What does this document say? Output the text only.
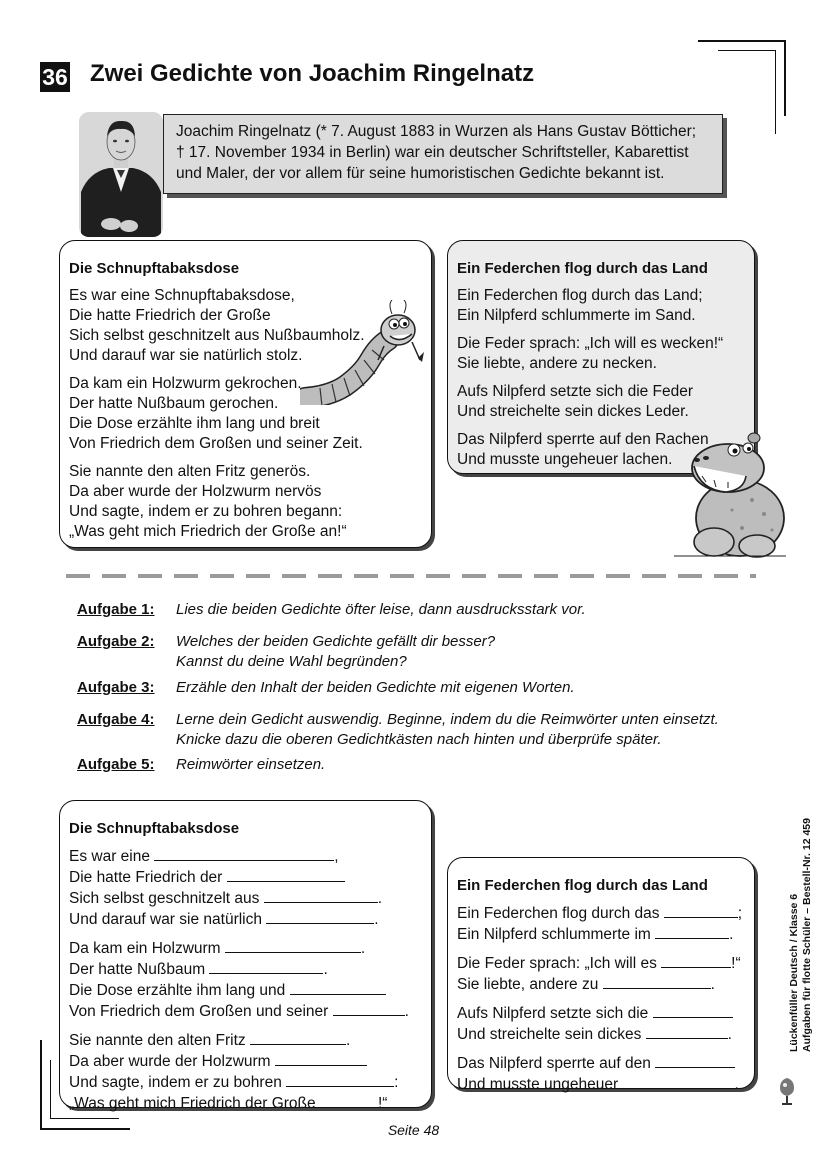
36 Zwei Gedichte von Joachim Ringelnatz
Joachim Ringelnatz (* 7. August 1883 in Wurzen als Hans Gustav Bötticher;
† 17. November 1934 in Berlin) war ein deutscher Schriftsteller, Kabarettist
und Maler, der vor allem für seine humoristischen Gedichte bekannt ist.
Die Schnupftabaksdose
Es war eine Schnupftabaksdose,
Die hatte Friedrich der Große
Sich selbst geschnitzelt aus Nußbaumholz.
Und darauf war sie natürlich stolz.
Da kam ein Holzwurm gekrochen.
Der hatte Nußbaum gerochen.
Die Dose erzählte ihm lang und breit
Von Friedrich dem Großen und seiner Zeit.
Sie nannte den alten Fritz generös.
Da aber wurde der Holzwurm nervös
Und sagte, indem er zu bohren begann:
„Was geht mich Friedrich der Große an!“
Ein Federchen flog durch das Land
Ein Federchen flog durch das Land;
Ein Nilpferd schlummerte im Sand.
Die Feder sprach: „Ich will es wecken!“
Sie liebte, andere zu necken.
Aufs Nilpferd setzte sich die Feder
Und streichelte sein dickes Leder.
Das Nilpferd sperrte auf den Rachen
Und musste ungeheuer lachen.
Aufgabe 1: Lies die beiden Gedichte öfter leise, dann ausdrucksstark vor.
Aufgabe 2: Welches der beiden Gedichte gefällt dir besser?
Kannst du deine Wahl begründen?
Aufgabe 3: Erzähle den Inhalt der beiden Gedichte mit eigenen Worten.
Aufgabe 4: Lerne dein Gedicht auswendig. Beginne, indem du die Reimwörter unten einsetzt.
Knicke dazu die oberen Gedichtkästen nach hinten und überprüfe später.
Aufgabe 5: Reimwörter einsetzen.
Die Schnupftabaksdose
Es war eine	,
Die hatte Friedrich der
Sich selbst geschnitzelt aus	.
Und darauf war sie natürlich	.
Da kam ein Holzwurm	.
Der hatte Nußbaum	.
Die Dose erzählte ihm lang und
Von Friedrich dem Großen und seiner	.
Sie nannte den alten Fritz	.
Da aber wurde der Holzwurm
Und sagte, indem er zu bohren	:
„Was geht mich Friedrich der Große	!“
Ein Federchen flog durch das Land
Ein Federchen flog durch das	;
Ein Nilpferd schlummerte im	.
Die Feder sprach: „Ich will es	!“
Sie liebte, andere zu	.
Aufs Nilpferd setzte sich die
Und streichelte sein dickes	.
Das Nilpferd sperrte auf den
Und musste ungeheuer	.
Lückenfüller Deutsch / Klasse 6 Aufgaben für flotte Schüler – Bestell-Nr. 12 459
Seite 48
